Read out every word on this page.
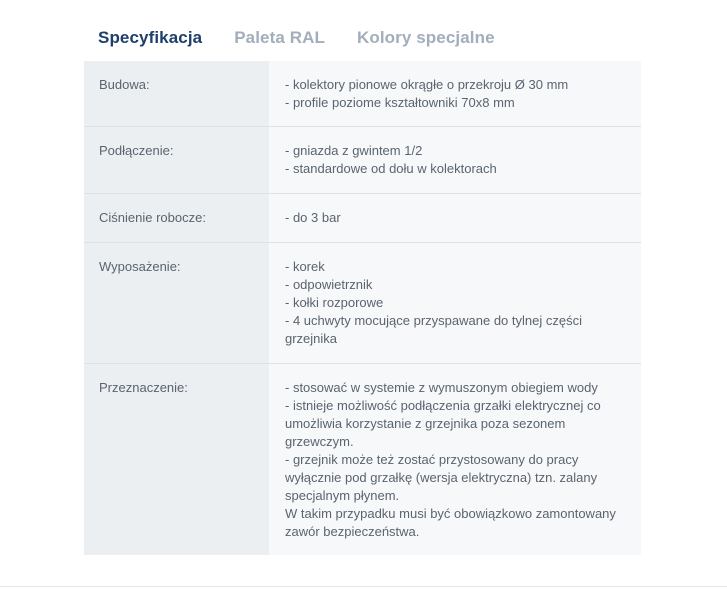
Specyfikacja Paleta RAL Kolory specjalne
Budowa:	- kolektory pionowe okrągłe o przekroju Ø 30 mm
- profile poziome kształtowniki 70x8 mm

Podłączenie:	- gniazda z gwintem 1/2
- standardowe od dołu w kolektorach

Ciśnienie robocze:	- do 3 bar

Wyposażenie:	- korek
- odpowietrznik
- kołki rozporowe
- 4 uchwyty mocujące przyspawane do tylnej części grzejnika

Przeznaczenie:	- stosować w systemie z wymuszonym obiegiem wody
- istnieje możliwość podłączenia grzałki elektrycznej co umożliwia korzystanie z grzejnika poza sezonem grzewczym.
- grzejnik może też zostać przystosowany do pracy wyłącznie pod grzałkę (wersja elektryczna) tzn. zalany specjalnym płynem.
W takim przypadku musi być obowiązkowo zamontowany zawór bezpieczeństwa.
